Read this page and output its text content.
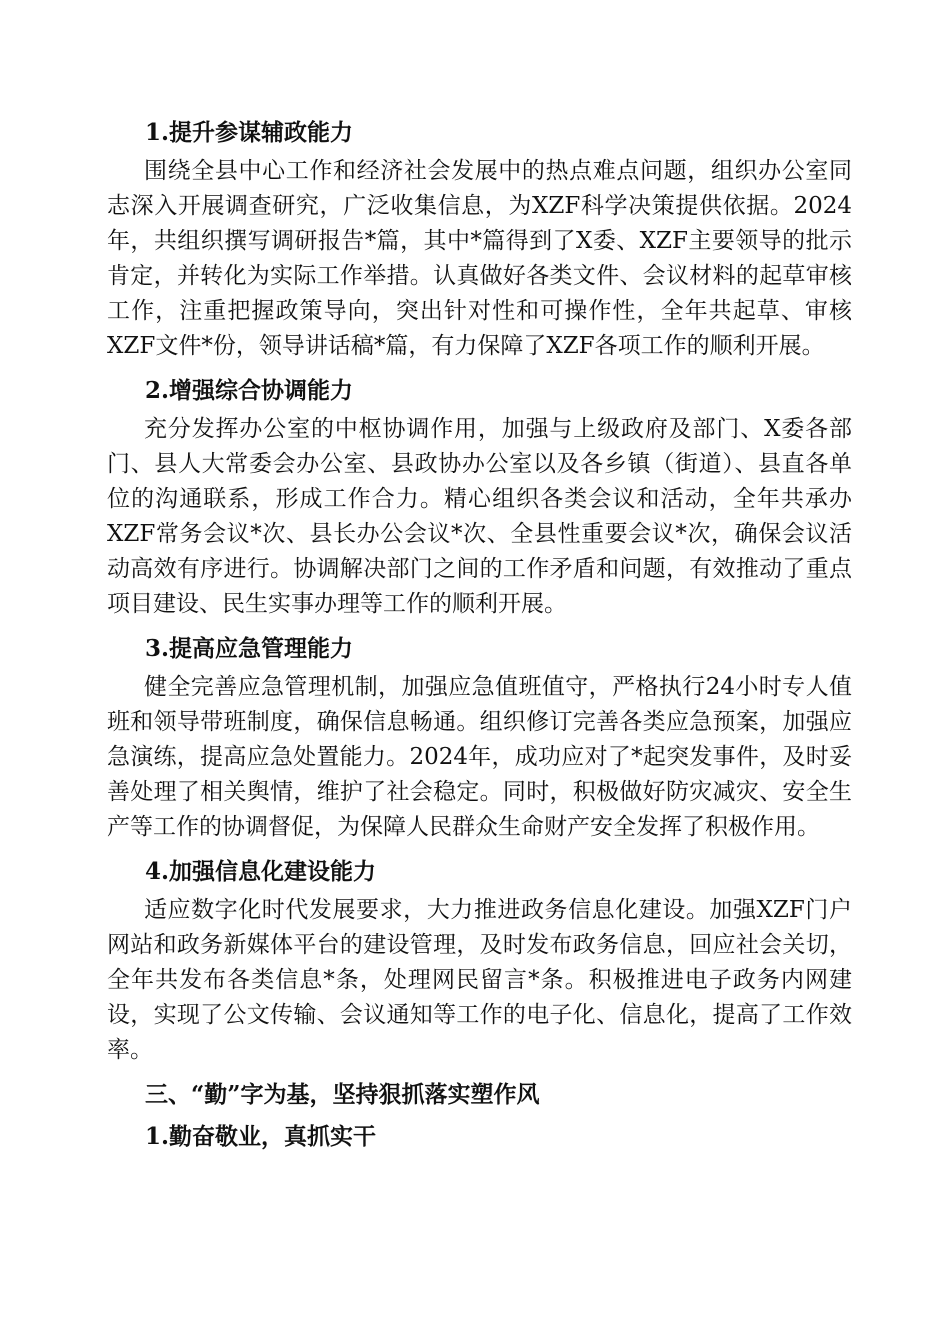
1.提升参谋辅政能力

围绕全县中心工作和经济社会发展中的热点难点问题，组织办公室同志深入开展调查研究，广泛收集信息，为XZF科学决策提供依据。2024年，共组织撰写调研报告*篇，其中*篇得到了X委、XZF主要领导的批示肯定，并转化为实际工作举措。认真做好各类文件、会议材料的起草审核工作，注重把握政策导向，突出针对性和可操作性，全年共起草、审核XZF文件*份，领导讲话稿*篇，有力保障了XZF各项工作的顺利开展。

2.增强综合协调能力

充分发挥办公室的中枢协调作用，加强与上级政府及部门、X委各部门、县人大常委会办公室、县政协办公室以及各乡镇（街道）、县直各单位的沟通联系，形成工作合力。精心组织各类会议和活动，全年共承办XZF常务会议*次、县长办公会议*次、全县性重要会议*次，确保会议活动高效有序进行。协调解决部门之间的工作矛盾和问题，有效推动了重点项目建设、民生实事办理等工作的顺利开展。

3.提高应急管理能力

健全完善应急管理机制，加强应急值班值守，严格执行24小时专人值班和领导带班制度，确保信息畅通。组织修订完善各类应急预案，加强应急演练，提高应急处置能力。2024年，成功应对了*起突发事件，及时妥善处理了相关舆情，维护了社会稳定。同时，积极做好防灾减灾、安全生产等工作的协调督促，为保障人民群众生命财产安全发挥了积极作用。

4.加强信息化建设能力

适应数字化时代发展要求，大力推进政务信息化建设。加强XZF门户网站和政务新媒体平台的建设管理，及时发布政务信息，回应社会关切，全年共发布各类信息*条，处理网民留言*条。积极推进电子政务内网建设，实现了公文传输、会议通知等工作的电子化、信息化，提高了工作效率。

三、“勤”字为基，坚持狠抓落实塑作风
1.勤奋敬业，真抓实干
